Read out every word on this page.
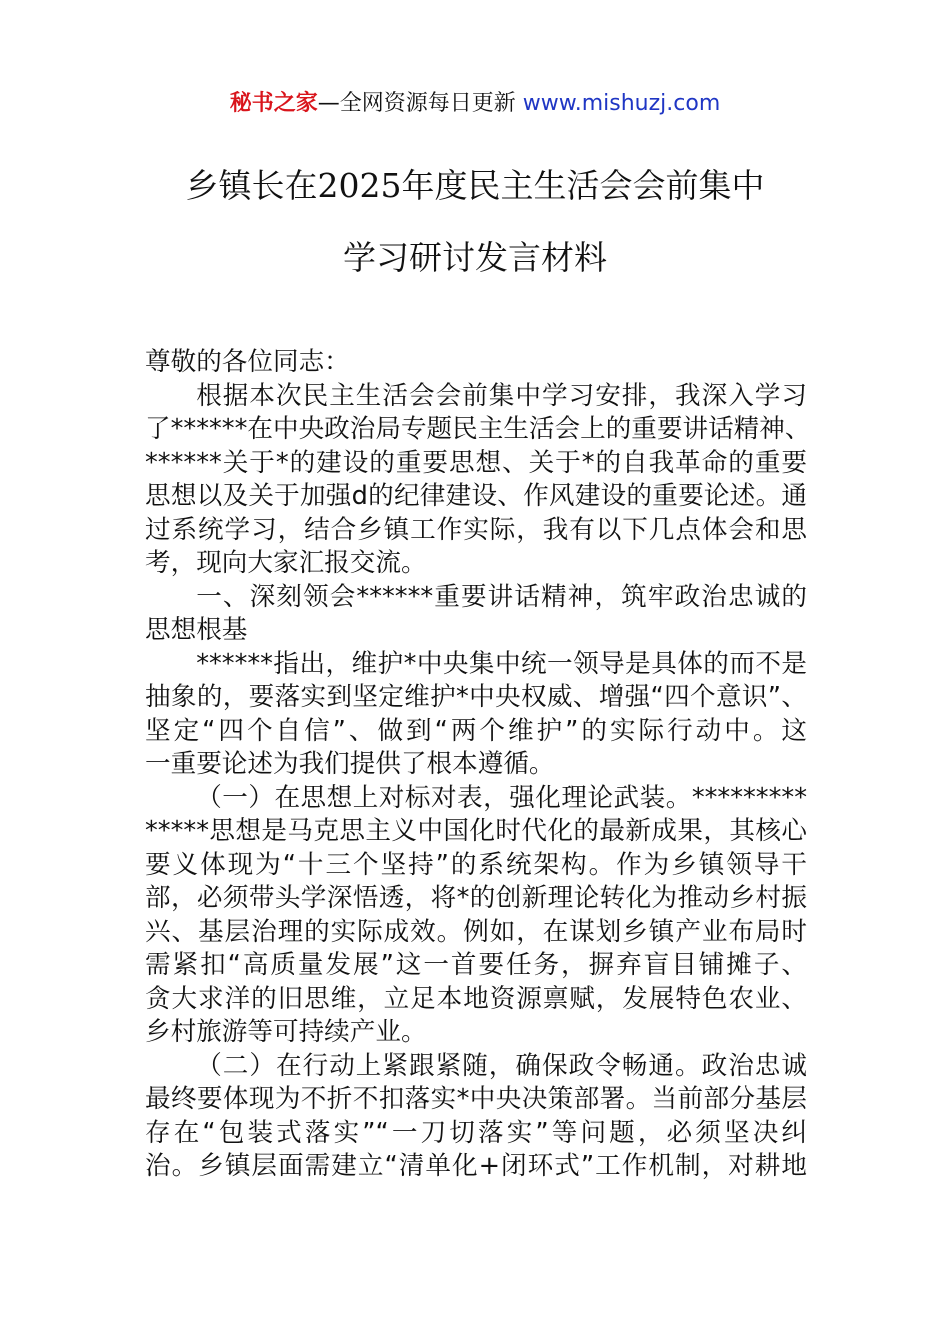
秘书之家—全网资源每日更新 www.mishuzj.com
乡镇长在2025年度民主生活会会前集中
学习研讨发言材料

尊敬的各位同志：

根据本次民主生活会会前集中学习安排，我深入学习
了******在中央政治局专题民主生活会上的重要讲话精神、
******关于*的建设的重要思想、关于*的自我革命的重要
思想以及关于加强d的纪律建设、作风建设的重要论述。通
过系统学习，结合乡镇工作实际，我有以下几点体会和思
考，现向大家汇报交流。

一、深刻领会******重要讲话精神，筑牢政治忠诚的
思想根基

******指出，维护*中央集中统一领导是具体的而不是
抽象的，要落实到坚定维护*中央权威、增强“四个意识”、
坚定“四个自信”、做到“两个维护”的实际行动中。这
一重要论述为我们提供了根本遵循。

（一）在思想上对标对表，强化理论武装。*********
*****思想是马克思主义中国化时代化的最新成果，其核心
要义体现为“十三个坚持”的系统架构。作为乡镇领导干
部，必须带头学深悟透，将*的创新理论转化为推动乡村振
兴、基层治理的实际成效。例如，在谋划乡镇产业布局时
需紧扣“高质量发展”这一首要任务，摒弃盲目铺摊子、
贪大求洋的旧思维，立足本地资源禀赋，发展特色农业、
乡村旅游等可持续产业。

（二）在行动上紧跟紧随，确保政令畅通。政治忠诚
最终要体现为不折不扣落实*中央决策部署。当前部分基层
存在“包装式落实”“一刀切落实”等问题，必须坚决纠
治。乡镇层面需建立“清单化+闭环式”工作机制，对耕地
